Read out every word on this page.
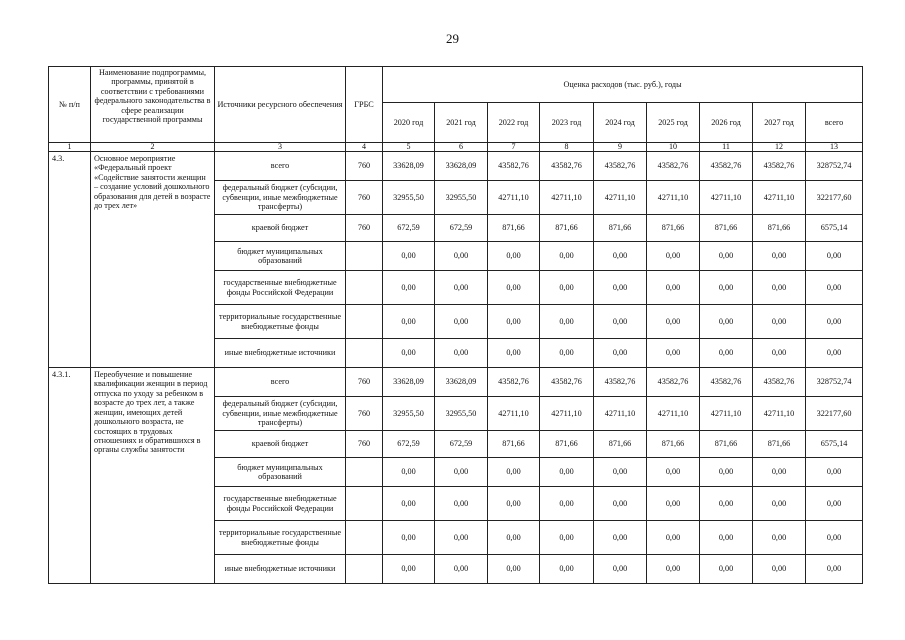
29
№ п/п	Наименование подпрограммы, программы, принятой в соответствии с требованиями федерального законодательства в сфере реализации государственной программы	Источники ресурсного обеспечения	ГРБС	Оценка расходов (тыс. руб.), годы								
				2020 год	2021 год	2022 год	2023 год	2024 год	2025 год	2026 год	2027 год	всего
1	2	3	4	5	6	7	8	9	10	11	12	13
4.3.	Основное мероприятие «Федеральный проект «Содействие занятости женщин – создание условий дошкольного образования для детей в возрасте до трех лет»	всего	760	33628,09	33628,09	43582,76	43582,76	43582,76	43582,76	43582,76	43582,76	328752,74
		федеральный бюджет (субсидии, субвенции, иные межбюджетные трансферты)	760	32955,50	32955,50	42711,10	42711,10	42711,10	42711,10	42711,10	42711,10	322177,60
		краевой бюджет	760	672,59	672,59	871,66	871,66	871,66	871,66	871,66	871,66	6575,14
		бюджет муниципальных образований		0,00	0,00	0,00	0,00	0,00	0,00	0,00	0,00	0,00
		государственные внебюджетные фонды Российской Федерации		0,00	0,00	0,00	0,00	0,00	0,00	0,00	0,00	0,00
		территориальные государственные внебюджетные фонды		0,00	0,00	0,00	0,00	0,00	0,00	0,00	0,00	0,00
		иные внебюджетные источники		0,00	0,00	0,00	0,00	0,00	0,00	0,00	0,00	0,00
4.3.1.	Переобучение и повышение квалификации женщин в период отпуска по уходу за ребенком в возрасте до трех лет, а также женщин, имеющих детей дошкольного возраста, не состоящих в трудовых отношениях и обратившихся в органы службы занятости	всего	760	33628,09	33628,09	43582,76	43582,76	43582,76	43582,76	43582,76	43582,76	328752,74
		федеральный бюджет (субсидии, субвенции, иные межбюджетные трансферты)	760	32955,50	32955,50	42711,10	42711,10	42711,10	42711,10	42711,10	42711,10	322177,60
		краевой бюджет	760	672,59	672,59	871,66	871,66	871,66	871,66	871,66	871,66	6575,14
		бюджет муниципальных образований		0,00	0,00	0,00	0,00	0,00	0,00	0,00	0,00	0,00
		государственные внебюджетные фонды Российской Федерации		0,00	0,00	0,00	0,00	0,00	0,00	0,00	0,00	0,00
		территориальные государственные внебюджетные фонды		0,00	0,00	0,00	0,00	0,00	0,00	0,00	0,00	0,00
		иные внебюджетные источники		0,00	0,00	0,00	0,00	0,00	0,00	0,00	0,00	0,00
